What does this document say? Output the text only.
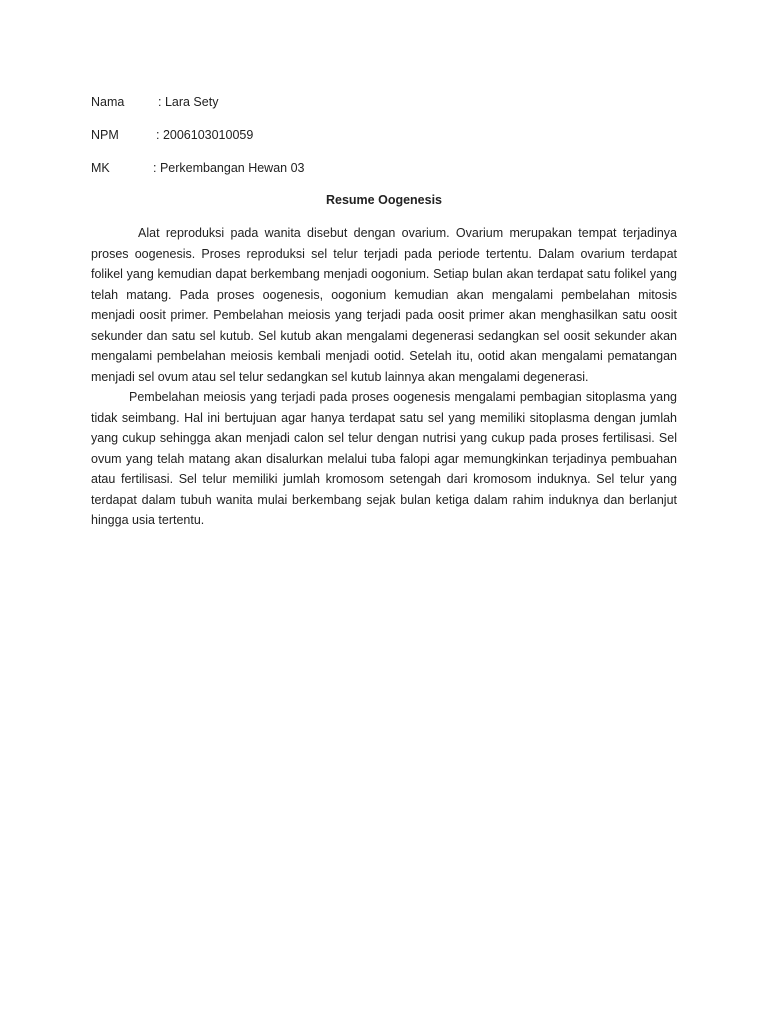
Nama	: Lara Sety
NPM	: 2006103010059
MK	: Perkembangan Hewan 03
Resume Oogenesis

Alat reproduksi pada wanita disebut dengan ovarium. Ovarium merupakan tempat terjadinya proses oogenesis. Proses reproduksi sel telur terjadi pada periode tertentu. Dalam ovarium terdapat folikel yang kemudian dapat berkembang menjadi oogonium. Setiap bulan akan terdapat satu folikel yang telah matang. Pada proses oogenesis, oogonium kemudian akan mengalami pembelahan mitosis menjadi oosit primer. Pembelahan meiosis yang terjadi pada oosit primer akan menghasilkan satu oosit sekunder dan satu sel kutub. Sel kutub akan mengalami degenerasi sedangkan sel oosit sekunder akan mengalami pembelahan meiosis kembali menjadi ootid. Setelah itu, ootid akan mengalami pematangan menjadi sel ovum atau sel telur sedangkan sel kutub lainnya akan mengalami degenerasi.

Pembelahan meiosis yang terjadi pada proses oogenesis mengalami pembagian sitoplasma yang tidak seimbang. Hal ini bertujuan agar hanya terdapat satu sel yang memiliki sitoplasma dengan jumlah yang cukup sehingga akan menjadi calon sel telur dengan nutrisi yang cukup pada proses fertilisasi. Sel ovum yang telah matang akan disalurkan melalui tuba falopi agar memungkinkan terjadinya pembuahan atau fertilisasi. Sel telur memiliki jumlah kromosom setengah dari kromosom induknya. Sel telur yang terdapat dalam tubuh wanita mulai berkembang sejak bulan ketiga dalam rahim induknya dan berlanjut hingga usia tertentu.
